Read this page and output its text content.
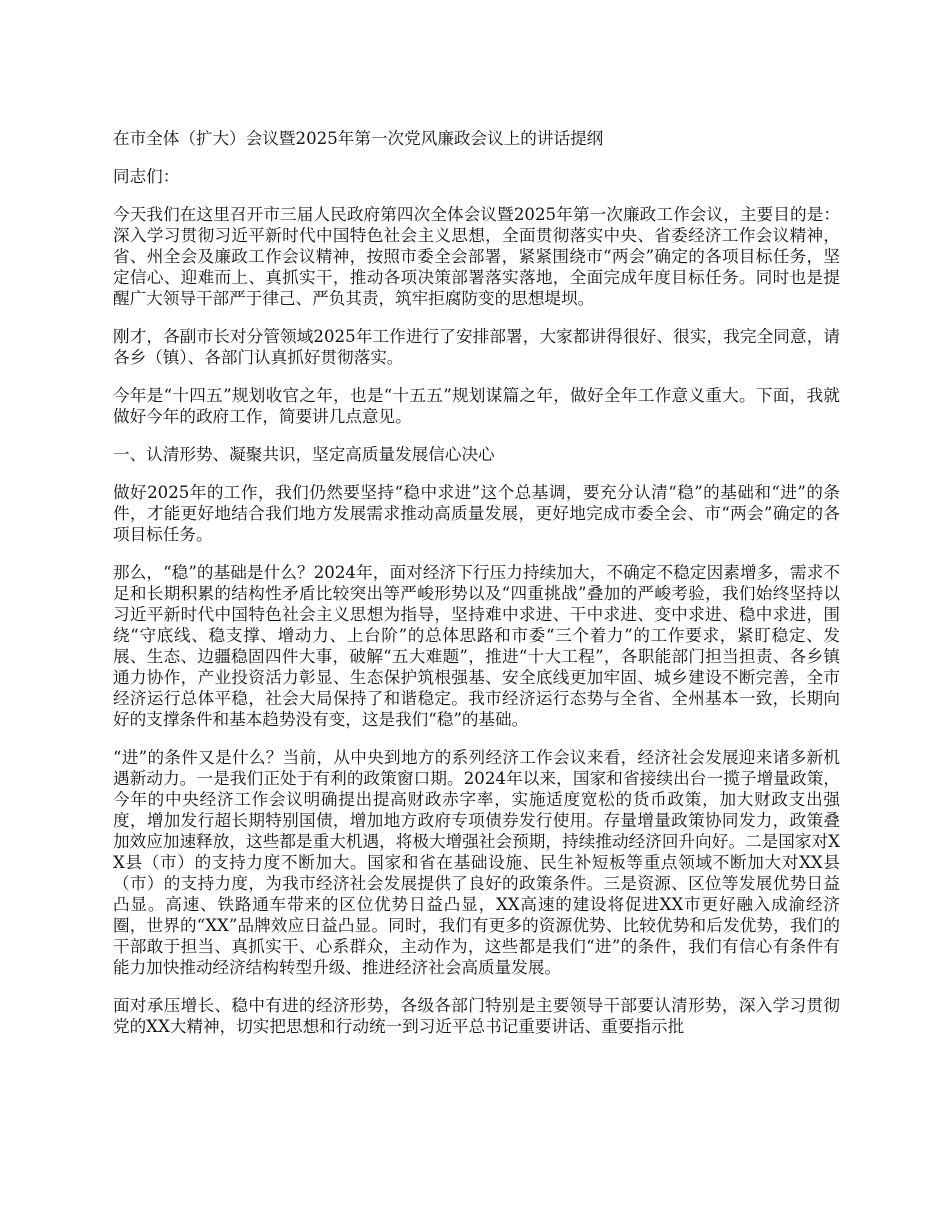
在市全体（扩大）会议暨2025年第一次党风廉政会议上的讲话提纲

同志们：

今天我们在这里召开市三届人民政府第四次全体会议暨2025年第一次廉政工作会议，主要目的是：深入学习贯彻习近平新时代中国特色社会主义思想，全面贯彻落实中央、省委经济工作会议精神，省、州全会及廉政工作会议精神，按照市委全会部署，紧紧围绕市“两会”确定的各项目标任务，坚定信心、迎难而上、真抓实干，推动各项决策部署落实落地，全面完成年度目标任务。同时也是提醒广大领导干部严于律己、严负其责，筑牢拒腐防变的思想堤坝。

刚才，各副市长对分管领域2025年工作进行了安排部署，大家都讲得很好、很实，我完全同意，请各乡（镇）、各部门认真抓好贯彻落实。

今年是“十四五”规划收官之年，也是“十五五”规划谋篇之年，做好全年工作意义重大。下面，我就做好今年的政府工作，简要讲几点意见。

一、认清形势、凝聚共识，坚定高质量发展信心决心

做好2025年的工作，我们仍然要坚持“稳中求进”这个总基调，要充分认清“稳”的基础和“进”的条件，才能更好地结合我们地方发展需求推动高质量发展，更好地完成市委全会、市“两会”确定的各项目标任务。

那么，“稳”的基础是什么？2024年，面对经济下行压力持续加大，不确定不稳定因素增多，需求不足和长期积累的结构性矛盾比较突出等严峻形势以及“四重挑战”叠加的严峻考验，我们始终坚持以习近平新时代中国特色社会主义思想为指导，坚持难中求进、干中求进、变中求进、稳中求进，围绕“守底线、稳支撑、增动力、上台阶”的总体思路和市委“三个着力”的工作要求，紧盯稳定、发展、生态、边疆稳固四件大事，破解“五大难题”，推进“十大工程”，各职能部门担当担责、各乡镇通力协作，产业投资活力彰显、生态保护筑根强基、安全底线更加牢固、城乡建设不断完善，全市经济运行总体平稳，社会大局保持了和谐稳定。我市经济运行态势与全省、全州基本一致，长期向好的支撑条件和基本趋势没有变，这是我们“稳”的基础。

“进”的条件又是什么？当前，从中央到地方的系列经济工作会议来看，经济社会发展迎来诸多新机遇新动力。一是我们正处于有利的政策窗口期。2024年以来，国家和省接续出台一揽子增量政策，今年的中央经济工作会议明确提出提高财政赤字率，实施适度宽松的货币政策，加大财政支出强度，增加发行超长期特别国债，增加地方政府专项债券发行使用。存量增量政策协同发力，政策叠加效应加速释放，这些都是重大机遇，将极大增强社会预期，持续推动经济回升向好。二是国家对XX县（市）的支持力度不断加大。国家和省在基础设施、民生补短板等重点领域不断加大对XX县（市）的支持力度，为我市经济社会发展提供了良好的政策条件。三是资源、区位等发展优势日益凸显。高速、铁路通车带来的区位优势日益凸显，XX高速的建设将促进XX市更好融入成渝经济圈，世界的“XX”品牌效应日益凸显。同时，我们有更多的资源优势、比较优势和后发优势，我们的干部敢于担当、真抓实干、心系群众，主动作为，这些都是我们“进”的条件，我们有信心有条件有能力加快推动经济结构转型升级、推进经济社会高质量发展。

面对承压增长、稳中有进的经济形势，各级各部门特别是主要领导干部要认清形势，深入学习贯彻党的XX大精神，切实把思想和行动统一到习近平总书记重要讲话、重要指示批
